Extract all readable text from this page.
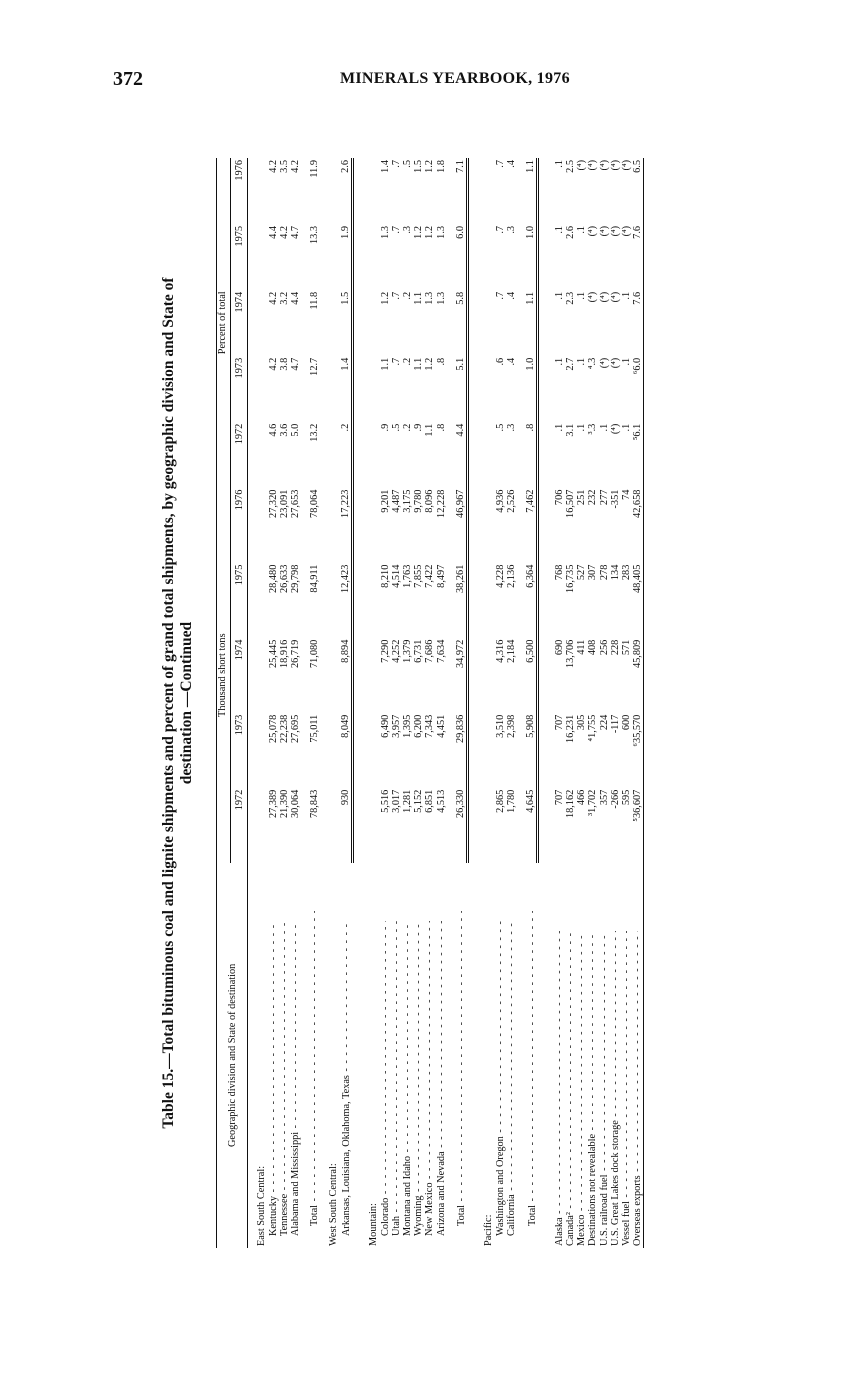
372	MINERALS YEARBOOK, 1976
Table 15.—Total bituminous coal and lignite shipments and percent of grand total shipments, by geographic division and State of destination —Continued
Geographic division and State of destination	Thousand short tons					Percent of total				
	1972	1973	1974	1975	1976	1972	1973	1974	1975	1976

East South Central:										

Kentucky - - -	27,389	25,078	25,445	28,480	27,320	4.6	4.2	4.2	4.4	4.2

Tennessee - - -	21,390	22,238	18,916	26,633	23,091	3.6	3.8	3.2	4.2	3.5

Alabama and Mississippi - - -	30,064	27,695	26,719	29,798	27,653	5.0	4.7	4.4	4.7	4.2

Total - - -	78,843	75,011	71,080	84,911	78,064	13.2	12.7	11.8	13.3	11.9

West South Central:										

Arkansas, Louisiana, Oklahoma, Texas - - -	930	8,049	8,894	12,423	17,223	.2	1.4	1.5	1.9	2.6

Mountain:										

Colorado - - -	5,516	6,490	7,290	8,210	9,201	.9	1.1	1.2	1.3	1.4

Utah - - -	3,017	3,957	4,252	4,514	4,487	.5	.7	.7	.7	.7

Montana and Idaho - - -	1,281	1,395	1,379	1,763	3,175	.2	.2	.2	.3	.5

Wyoming - - -	5,152	6,200	6,731	7,855	9,780	.9	1.1	1.1	1.2	1.5

New Mexico - - -	6,851	7,343	7,686	7,422	8,096	1.1	1.2	1.3	1.2	1.2

Arizona and Nevada - - -	4,513	4,451	7,634	8,497	12,228	.8	.8	1.3	1.3	1.8

Total - - -	26,330	29,836	34,972	38,261	46,967	4.4	5.1	5.8	6.0	7.1

Pacific:										

Washington and Oregon - - -	2,865	3,510	4,316	4,228	4,936	.5	.6	.7	.7	.7

California - - -	1,780	2,398	2,184	2,136	2,526	.3	.4	.4	.3	.4

Total - - -	4,645	5,908	6,500	6,364	7,462	.8	1.0	1.1	1.0	1.1

Alaska - - -	707	707	690	768	706	.1	.1	.1	.1	.1

Canada² - - -	18,162	16,231	13,706	16,735	16,507	3.1	2.7	2.3	2.6	2.5

Mexico - - -	466	305	411	527	251	.1	.1	.1	.1	(⁴)

Destinations not revealable - - -	³1,702	⁴1,755	408	307	232	³.3	⁴.3	(⁴)	(⁴)	(⁴)

U.S. railroad fuel - - -	357	224	256	278	277	.1	(⁴)	(⁴)	(⁴)	(⁴)

U.S. Great Lakes dock storage - - -	-266	-117	228	134	-351	(⁴)	(⁴)	(⁴)	(⁴)	(⁴)

Vessel fuel - - -	595	600	571	283	74	.1	.1	.1	(⁴)	(⁴)

Overseas exports - - -	⁵36,607	⁶35,570	45,809	48,405	42,658	⁵6.1	⁶6.0	7.6	7.6	6.5
